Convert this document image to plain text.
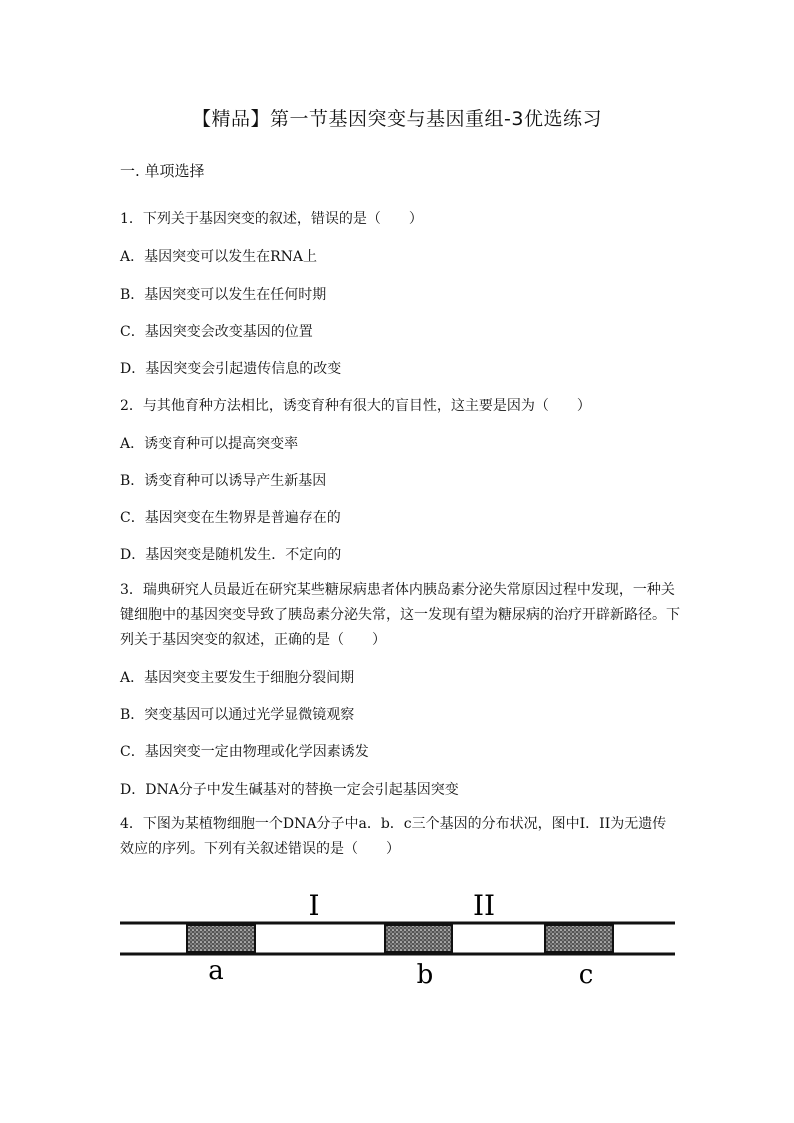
【精品】第一节基因突变与基因重组-3优选练习
一. 单项选择
1．下列关于基因突变的叙述，错误的是（　　）
A．基因突变可以发生在RNA上
B．基因突变可以发生在任何时期
C．基因突变会改变基因的位置
D．基因突变会引起遗传信息的改变
2．与其他育种方法相比，诱变育种有很大的盲目性，这主要是因为（　　）
A．诱变育种可以提高突变率
B．诱变育种可以诱导产生新基因
C．基因突变在生物界是普遍存在的
D．基因突变是随机发生．不定向的
3．瑞典研究人员最近在研究某些糖尿病患者体内胰岛素分泌失常原因过程中发现，一种关键细胞中的基因突变导致了胰岛素分泌失常，这一发现有望为糖尿病的治疗开辟新路径。下列关于基因突变的叙述，正确的是（　　）
A．基因突变主要发生于细胞分裂间期
B．突变基因可以通过光学显微镜观察
C．基因突变一定由物理或化学因素诱发
D．DNA分子中发生碱基对的替换一定会引起基因突变
4．下图为某植物细胞一个DNA分子中a．b．c三个基因的分布状况，图中I．II为无遗传效应的序列。下列有关叙述错误的是（　　）
I	II
a	b	c
